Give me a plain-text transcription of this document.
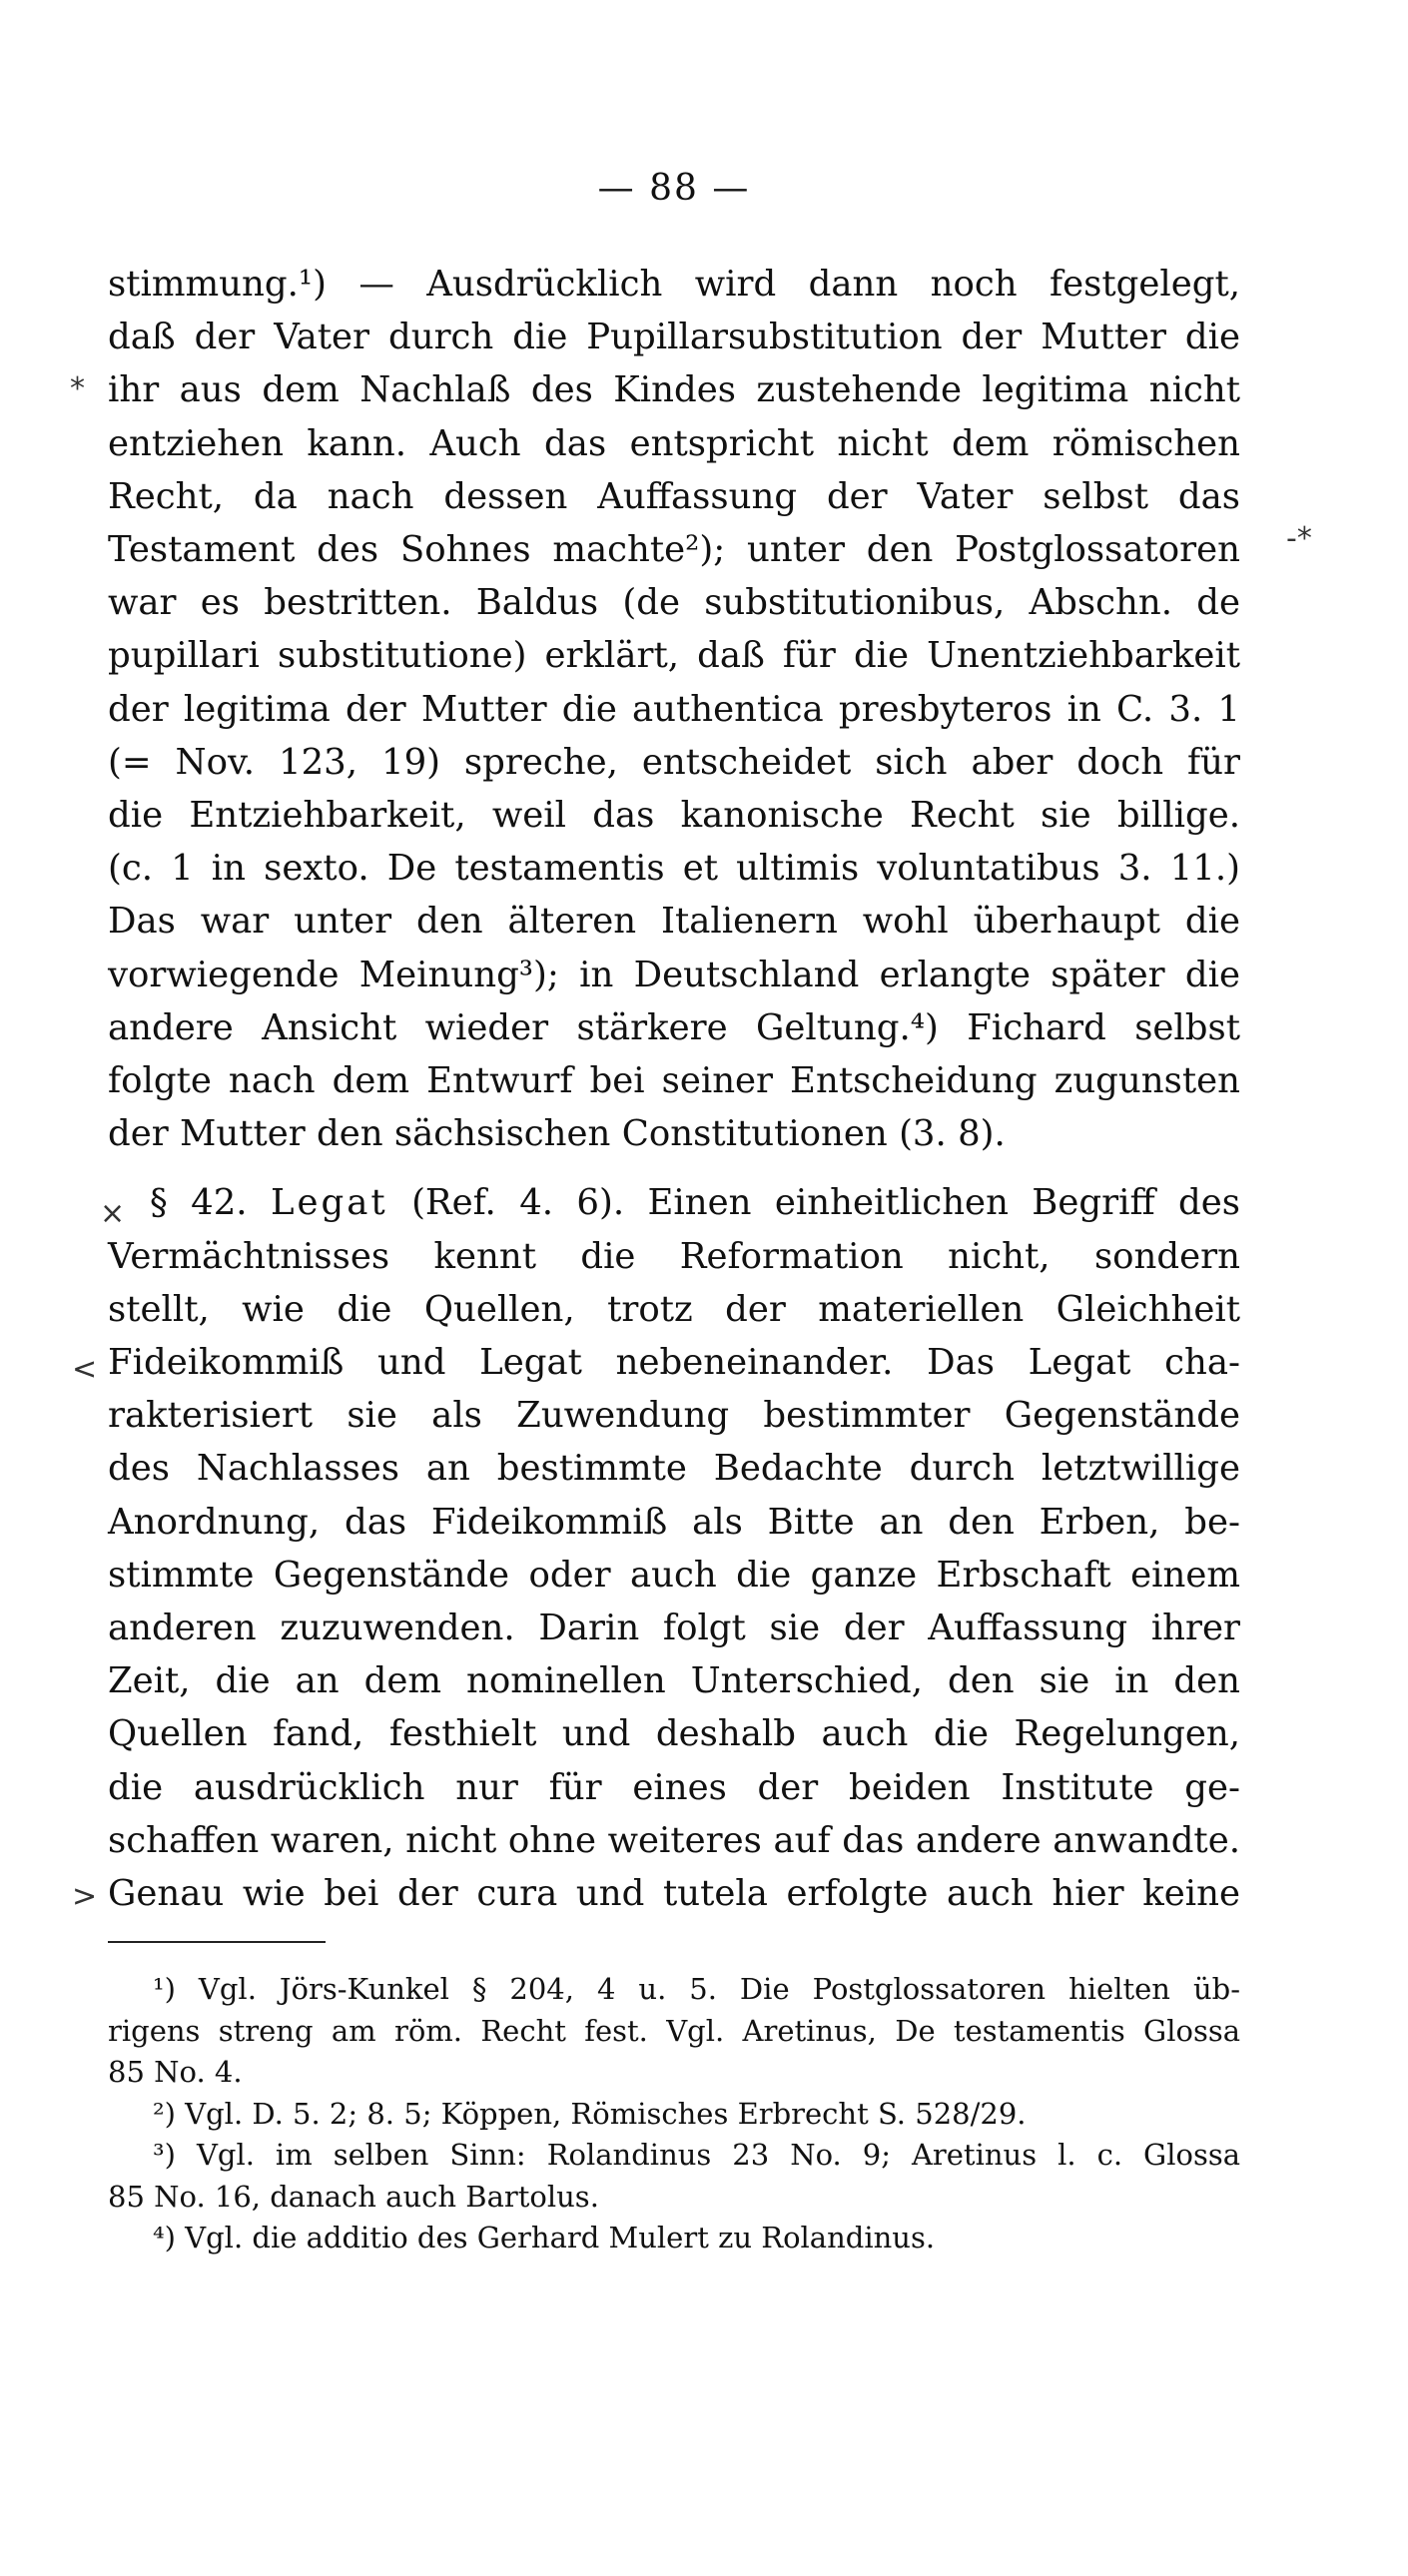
— 88 —
*
-*
×
<
>
stimmung.¹) — Ausdrücklich wird dann noch festgelegt,
daß der Vater durch die Pupillarsubstitution der Mutter die
ihr aus dem Nachlaß des Kindes zustehende legitima nicht
entziehen kann. Auch das entspricht nicht dem römischen
Recht, da nach dessen Auffassung der Vater selbst das
Testament des Sohnes machte²); unter den Postglossatoren
war es bestritten. Baldus (de substitutionibus, Abschn. de
pupillari substitutione) erklärt, daß für die Unentziehbarkeit
der legitima der Mutter die authentica presbyteros in C. 3. 1
(= Nov. 123, 19) spreche, entscheidet sich aber doch für
die Entziehbarkeit, weil das kanonische Recht sie billige.
(c. 1 in sexto. De testamentis et ultimis voluntatibus 3. 11.)
Das war unter den älteren Italienern wohl überhaupt die
vorwiegende Meinung³); in Deutschland erlangte später die
andere Ansicht wieder stärkere Geltung.⁴) Fichard selbst
folgte nach dem Entwurf bei seiner Entscheidung zugunsten
der Mutter den sächsischen Constitutionen (3. 8).
§ 42. Legat (Ref. 4. 6). Einen einheitlichen Begriff des
Vermächtnisses kennt die Reformation nicht, sondern
stellt, wie die Quellen, trotz der materiellen Gleichheit
Fideikommiß und Legat nebeneinander. Das Legat cha-
rakterisiert sie als Zuwendung bestimmter Gegenstände
des Nachlasses an bestimmte Bedachte durch letztwillige
Anordnung, das Fideikommiß als Bitte an den Erben, be-
stimmte Gegenstände oder auch die ganze Erbschaft einem
anderen zuzuwenden. Darin folgt sie der Auffassung ihrer
Zeit, die an dem nominellen Unterschied, den sie in den
Quellen fand, festhielt und deshalb auch die Regelungen,
die ausdrücklich nur für eines der beiden Institute ge-
schaffen waren, nicht ohne weiteres auf das andere anwandte.
Genau wie bei der cura und tutela erfolgte auch hier keine
¹) Vgl. Jörs-Kunkel § 204, 4 u. 5. Die Postglossatoren hielten üb-
rigens streng am röm. Recht fest. Vgl. Aretinus, De testamentis Glossa
85 No. 4.
²) Vgl. D. 5. 2; 8. 5; Köppen, Römisches Erbrecht S. 528/29.
³) Vgl. im selben Sinn: Rolandinus 23 No. 9; Aretinus l. c. Glossa
85 No. 16, danach auch Bartolus.
⁴) Vgl. die additio des Gerhard Mulert zu Rolandinus.
